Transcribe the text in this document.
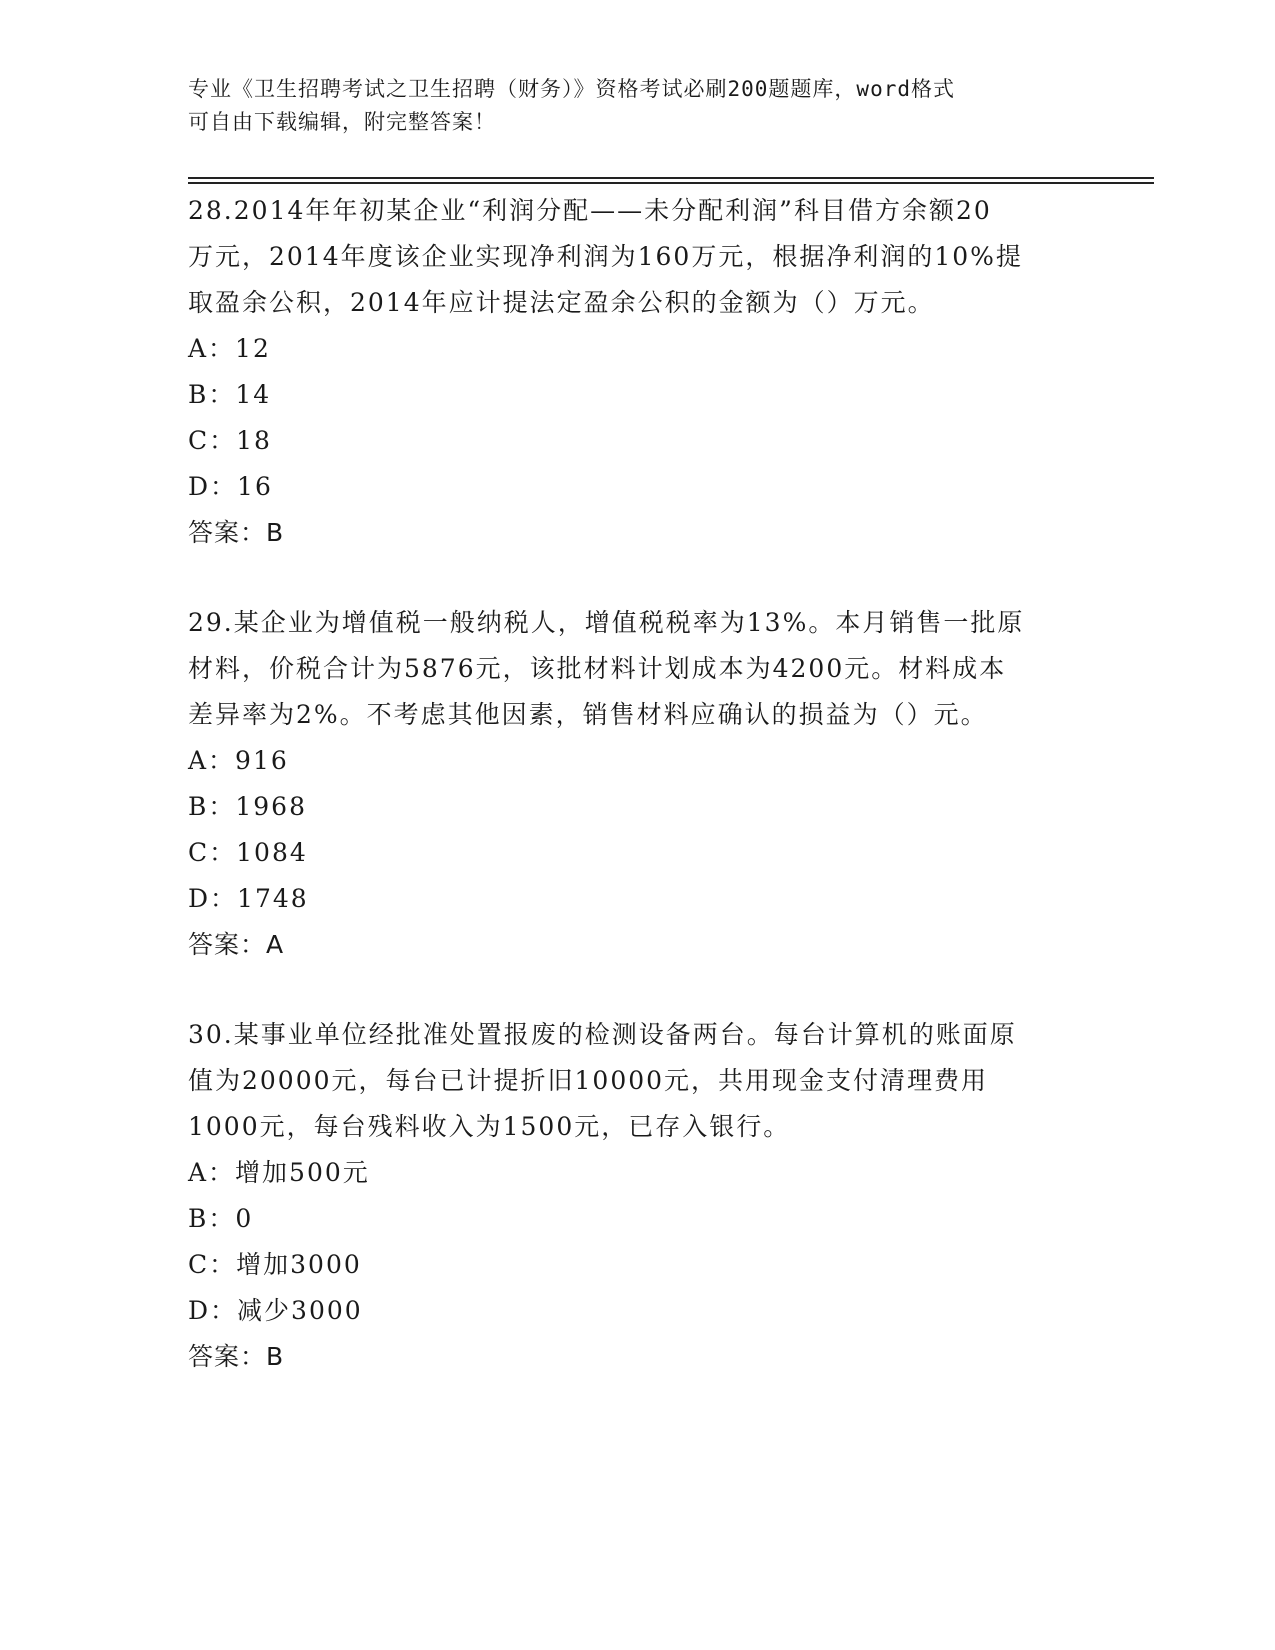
专业《卫生招聘考试之卫生招聘（财务）》资格考试必刷200题题库，word格式
可自由下载编辑，附完整答案！
28.2014年年初某企业“利润分配——未分配利润”科目借方余额20
万元，2014年度该企业实现净利润为160万元，根据净利润的10%提
取盈余公积，2014年应计提法定盈余公积的金额为（）万元。
A：12
B：14
C：18
D：16
答案：B
29.某企业为增值税一般纳税人，增值税税率为13%。本月销售一批原
材料，价税合计为5876元，该批材料计划成本为4200元。材料成本
差异率为2%。不考虑其他因素，销售材料应确认的损益为（）元。
A：916
B：1968
C：1084
D：1748
答案：A
30.某事业单位经批准处置报废的检测设备两台。每台计算机的账面原
值为20000元，每台已计提折旧10000元，共用现金支付清理费用
1000元，每台残料收入为1500元，已存入银行。
A：增加500元
B：0
C：增加3000
D：减少3000
答案：B
